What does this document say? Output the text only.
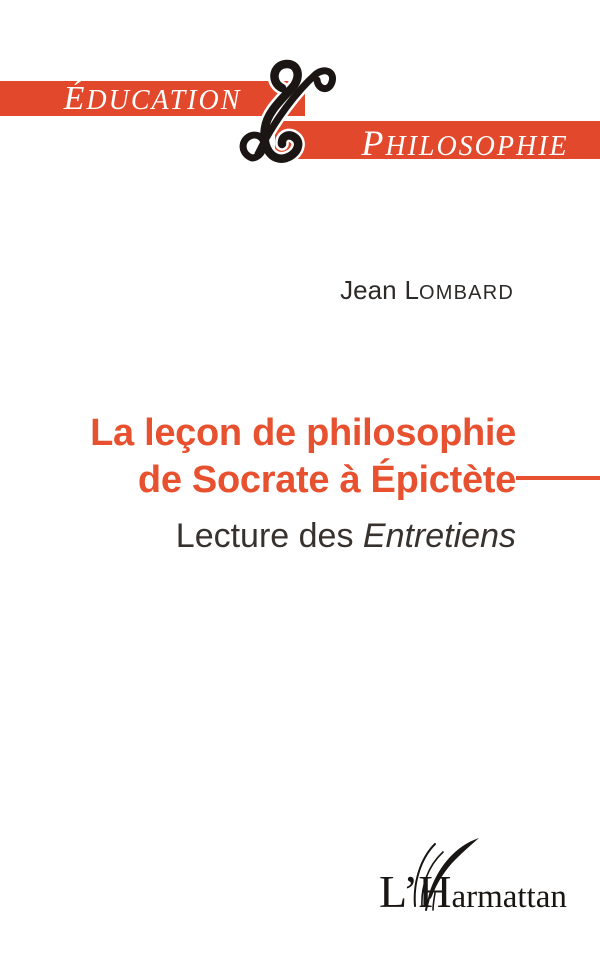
ÉDUCATION
PHILOSOPHIE
Jean LOMBARD
La leçon de philosophie
de Socrate à Épictète
Lecture des Entretiens
L’Harmattan
